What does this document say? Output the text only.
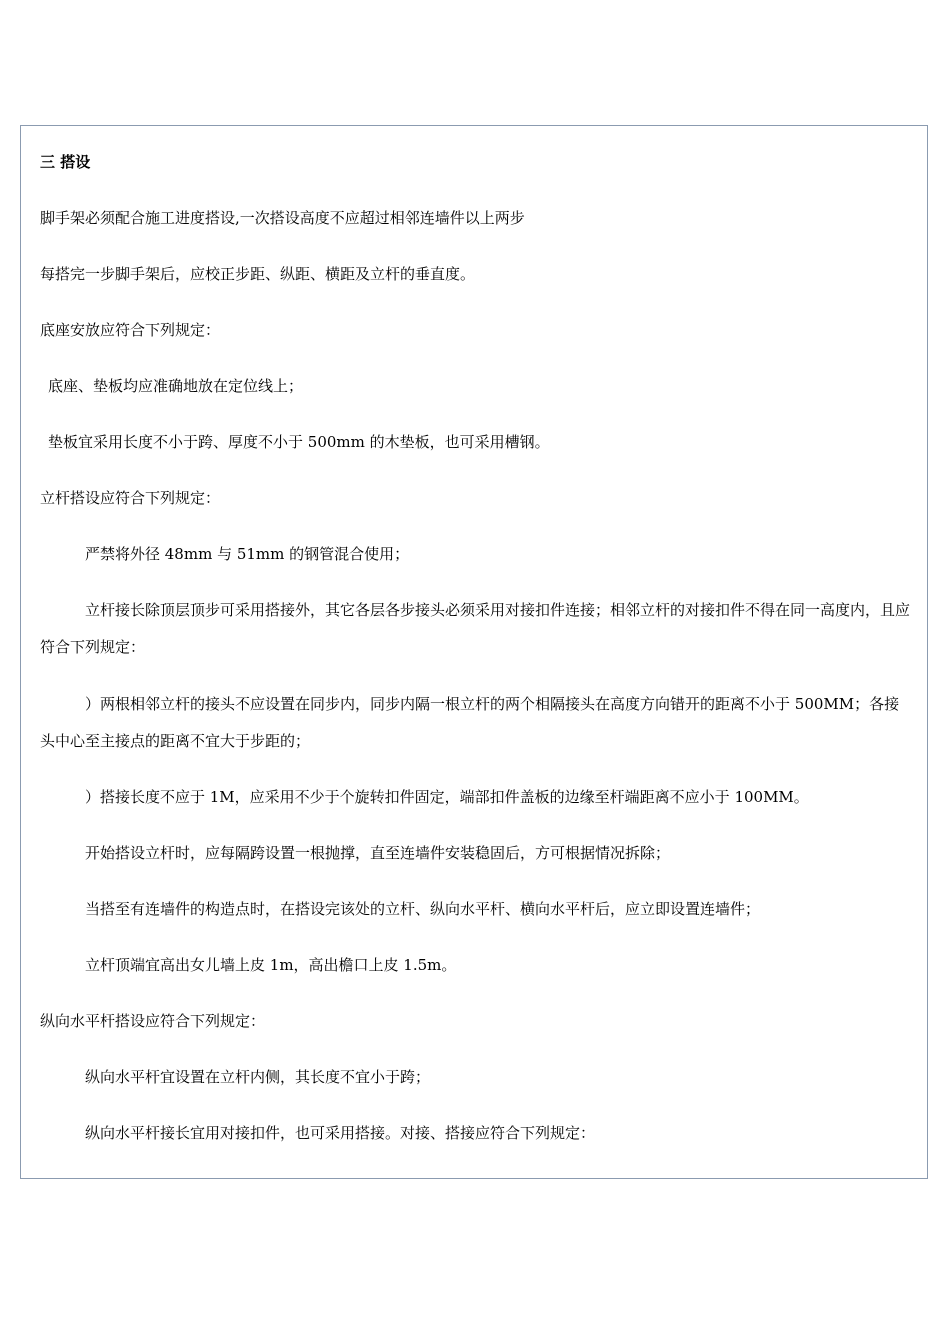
三 搭设

脚手架必须配合施工进度搭设,一次搭设高度不应超过相邻连墙件以上两步

每搭完一步脚手架后，应校正步距、纵距、横距及立杆的垂直度。

底座安放应符合下列规定：

底座、垫板均应准确地放在定位线上；

垫板宜采用长度不小于跨、厚度不小于 500mm 的木垫板，也可采用槽钢。

立杆搭设应符合下列规定：

严禁将外径 48mm 与 51mm 的钢管混合使用；

立杆接长除顶层顶步可采用搭接外，其它各层各步接头必须采用对接扣件连接；相邻立杆的对接扣件不得在同一高度内，且应符合下列规定：

）两根相邻立杆的接头不应设置在同步内，同步内隔一根立杆的两个相隔接头在高度方向错开的距离不小于 500MM；各接头中心至主接点的距离不宜大于步距的；

）搭接长度不应于 1M，应采用不少于个旋转扣件固定，端部扣件盖板的边缘至杆端距离不应小于 100MM。

开始搭设立杆时，应每隔跨设置一根抛撑，直至连墙件安装稳固后，方可根据情况拆除；

当搭至有连墙件的构造点时，在搭设完该处的立杆、纵向水平杆、横向水平杆后，应立即设置连墙件；

立杆顶端宜高出女儿墙上皮 1m，高出檐口上皮 1.5m。

纵向水平杆搭设应符合下列规定：

纵向水平杆宜设置在立杆内侧，其长度不宜小于跨；

纵向水平杆接长宜用对接扣件，也可采用搭接。对接、搭接应符合下列规定：
